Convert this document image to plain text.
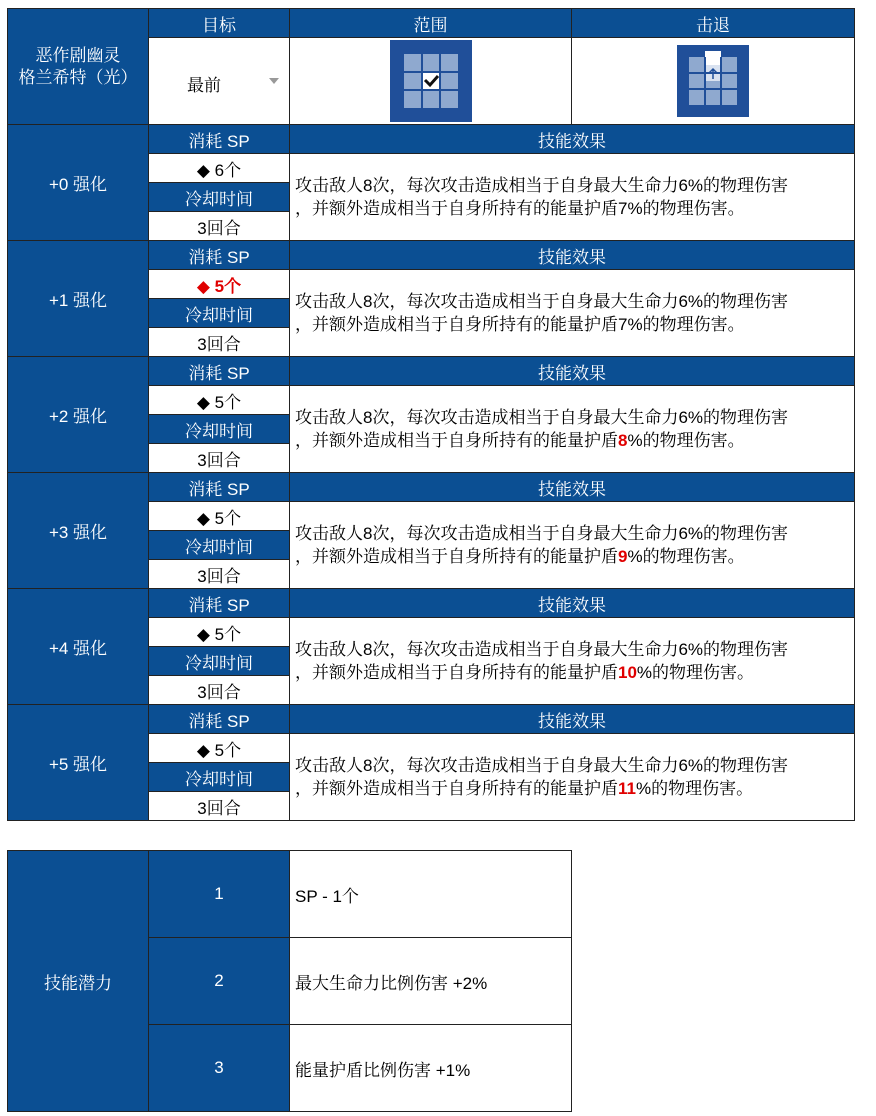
恶作剧幽灵
格兰希特（光）	目标	范围	击退

	最前

+0 强化	消耗 SP	技能效果	
	◆ 6个	攻击敌人8次，每次攻击造成相当于自身最大生命力6%的物理伤害
，并额外造成相当于自身所持有的能量护盾7%的物理伤害。	

	冷却时间		
	3回合		
+1 强化	消耗 SP	技能效果	
	◆ 5个	攻击敌人8次，每次攻击造成相当于自身最大生命力6%的物理伤害
，并额外造成相当于自身所持有的能量护盾7%的物理伤害。	

	冷却时间		
	3回合		
+2 强化	消耗 SP	技能效果	
	◆ 5个	攻击敌人8次，每次攻击造成相当于自身最大生命力6%的物理伤害
，并额外造成相当于自身所持有的能量护盾8%的物理伤害。	

	冷却时间		
	3回合		
+3 强化	消耗 SP	技能效果	
	◆ 5个	攻击敌人8次，每次攻击造成相当于自身最大生命力6%的物理伤害
，并额外造成相当于自身所持有的能量护盾9%的物理伤害。	

	冷却时间		
	3回合		
+4 强化	消耗 SP	技能效果	
	◆ 5个	攻击敌人8次，每次攻击造成相当于自身最大生命力6%的物理伤害
，并额外造成相当于自身所持有的能量护盾10%的物理伤害。	

	冷却时间		
	3回合		
+5 强化	消耗 SP	技能效果	
	◆ 5个	攻击敌人8次，每次攻击造成相当于自身最大生命力6%的物理伤害
，并额外造成相当于自身所持有的能量护盾11%的物理伤害。	

	冷却时间		
	3回合		
技能潜力	1	SP - 1个
	2	最大生命力比例伤害 +2%
	3	能量护盾比例伤害 +1%
